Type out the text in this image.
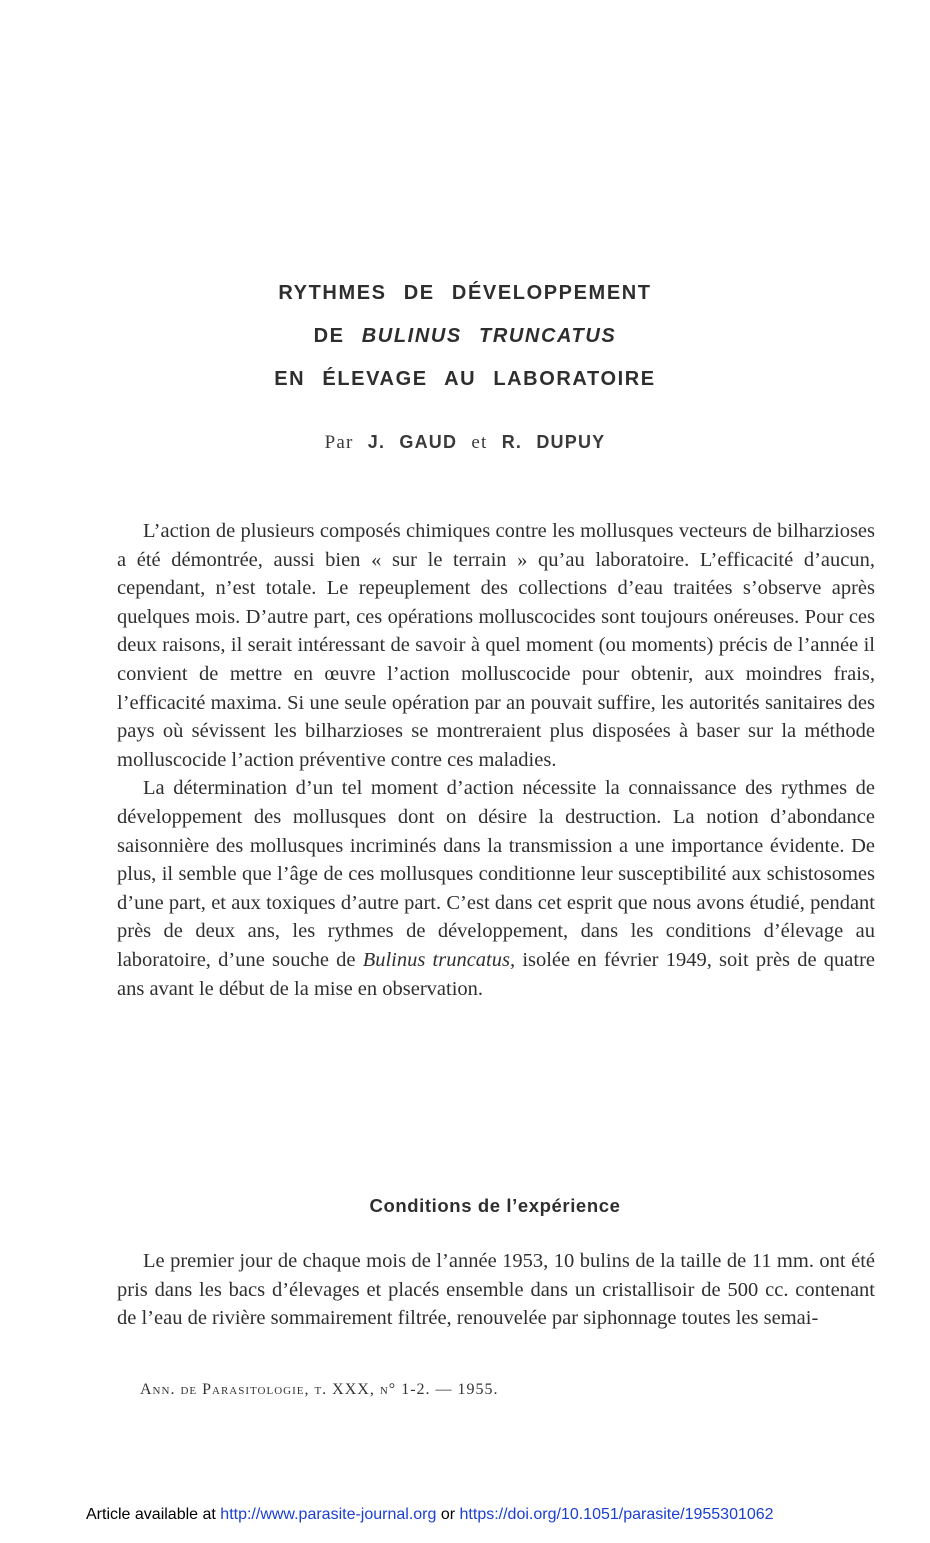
RYTHMES DE DÉVELOPPEMENT
DE BULINUS TRUNCATUS
EN ÉLEVAGE AU LABORATOIRE
Par J. GAUD et R. DUPUY

L’action de plusieurs composés chimiques contre les mollusques vecteurs de bilharzioses a été démontrée, aussi bien « sur le terrain » qu’au laboratoire. L’efficacité d’aucun, cependant, n’est totale. Le repeuplement des collections d’eau traitées s’observe après quelques mois. D’autre part, ces opérations molluscocides sont toujours onéreuses. Pour ces deux raisons, il serait intéressant de savoir à quel moment (ou moments) précis de l’année il convient de mettre en œuvre l’action molluscocide pour obtenir, aux moindres frais, l’efficacité maxima. Si une seule opération par an pouvait suffire, les autorités sanitaires des pays où sévissent les bilharzioses se montreraient plus disposées à baser sur la méthode molluscocide l’action préventive contre ces maladies.

La détermination d’un tel moment d’action nécessite la connaissance des rythmes de développement des mollusques dont on désire la destruction. La notion d’abondance saisonnière des mollusques incriminés dans la transmission a une importance évidente. De plus, il semble que l’âge de ces mollusques conditionne leur susceptibilité aux schistosomes d’une part, et aux toxiques d’autre part. C’est dans cet esprit que nous avons étudié, pendant près de deux ans, les rythmes de développement, dans les conditions d’élevage au laboratoire, d’une souche de Bulinus truncatus, isolée en février 1949, soit près de quatre ans avant le début de la mise en observation.

Conditions de l’expérience

Le premier jour de chaque mois de l’année 1953, 10 bulins de la taille de 11 mm. ont été pris dans les bacs d’élevages et placés ensemble dans un cristallisoir de 500 cc. contenant de l’eau de rivière sommairement filtrée, renouvelée par siphonnage toutes les semai-

Ann. de Parasitologie, t. XXX, n° 1-2. — 1955.
Article available at http://www.parasite-journal.org or https://doi.org/10.1051/parasite/1955301062
